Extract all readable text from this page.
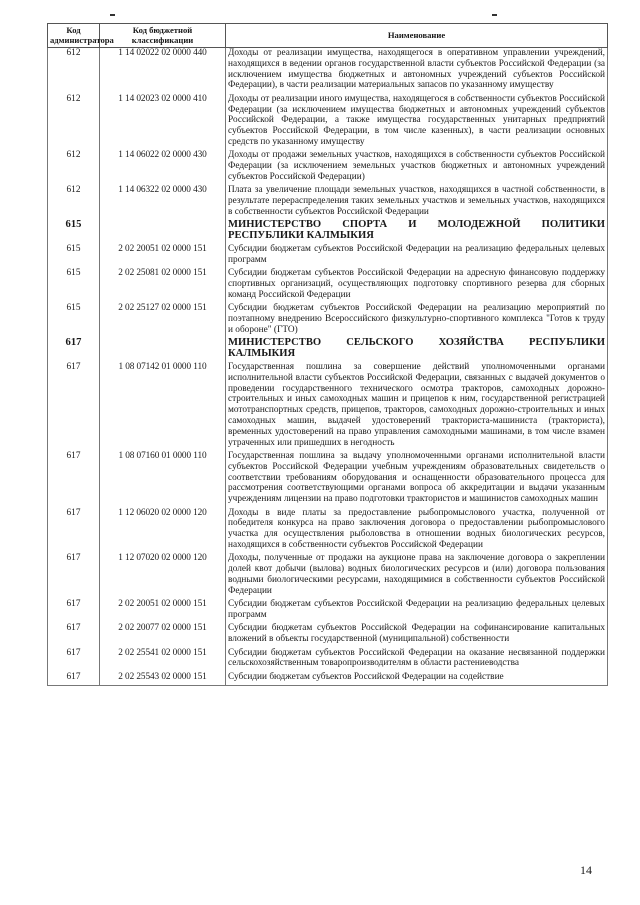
Код администратора	Код бюджетной классификации	Наименование
612	1 14 02022 02 0000 440	Доходы от реализации имущества, находящегося в оперативном управлении учреждений, находящихся в ведении органов государственной власти субъектов Российской Федерации (за исключением имущества бюджетных и автономных учреждений субъектов Российской Федерации), в части реализации материальных запасов по указанному имуществу
612	1 14 02023 02 0000 410	Доходы от реализации иного имущества, находящегося в собственности субъектов Российской Федерации (за исключением имущества бюджетных и автономных учреждений субъектов Российской Федерации, а также имущества государственных унитарных предприятий субъектов Российской Федерации, в том числе казенных), в части реализации основных средств по указанному имуществу
612	1 14 06022 02 0000 430	Доходы от продажи земельных участков, находящихся в собственности субъектов Российской Федерации (за исключением земельных участков бюджетных и автономных учреждений субъектов Российской Федерации)
612	1 14 06322 02 0000 430	Плата за увеличение площади земельных участков, находящихся в частной собственности, в результате перераспределения таких земельных участков и земельных участков, находящихся в собственности субъектов Российской Федерации
615		МИНИСТЕРСТВО СПОРТА И МОЛОДЕЖНОЙ ПОЛИТИКИ РЕСПУБЛИКИ КАЛМЫКИЯ
615	2 02 20051 02 0000 151	Субсидии бюджетам субъектов Российской Федерации на реализацию федеральных целевых программ
615	2 02 25081 02 0000 151	Субсидии бюджетам субъектов Российской Федерации на адресную финансовую поддержку спортивных организаций, осуществляющих подготовку спортивного резерва для сборных команд Российской Федерации
615	2 02 25127 02 0000 151	Субсидии бюджетам субъектов Российской Федерации на реализацию мероприятий по поэтапному внедрению Всероссийского физкультурно-спортивного комплекса "Готов к труду и обороне" (ГТО)
617		МИНИСТЕРСТВО СЕЛЬСКОГО ХОЗЯЙСТВА РЕСПУБЛИКИ КАЛМЫКИЯ
617	1 08 07142 01 0000 110	Государственная пошлина за совершение действий уполномоченными органами исполнительной власти субъектов Российской Федерации, связанных с выдачей документов о проведении государственного технического осмотра тракторов, самоходных дорожно-строительных и иных самоходных машин и прицепов к ним, государственной регистрацией мототранспортных средств, прицепов, тракторов, самоходных дорожно-строительных и иных самоходных машин, выдачей удостоверений тракториста-машиниста (тракториста), временных удостоверений на право управления самоходными машинами, в том числе взамен утраченных или пришедших в негодность
617	1 08 07160 01 0000 110	Государственная пошлина за выдачу уполномоченными органами исполнительной власти субъектов Российской Федерации учебным учреждениям образовательных свидетельств о соответствии требованиям оборудования и оснащенности образовательного процесса для рассмотрения соответствующими органами вопроса об аккредитации и выдачи указанным учреждениям лицензии на право подготовки трактористов и машинистов самоходных машин
617	1 12 06020 02 0000 120	Доходы в виде платы за предоставление рыбопромыслового участка, полученной от победителя конкурса на право заключения договора о предоставлении рыбопромыслового участка для осуществления рыболовства в отношении водных биологических ресурсов, находящихся в собственности субъектов Российской Федерации
617	1 12 07020 02 0000 120	Доходы, полученные от продажи на аукционе права на заключение договора о закреплении долей квот добычи (вылова) водных биологических ресурсов и (или) договора пользования водными биологическими ресурсами, находящимися в собственности субъектов Российской Федерации
617	2 02 20051 02 0000 151	Субсидии бюджетам субъектов Российской Федерации на реализацию федеральных целевых программ
617	2 02 20077 02 0000 151	Субсидии бюджетам субъектов Российской Федерации на софинансирование капитальных вложений в объекты государственной (муниципальной) собственности
617	2 02 25541 02 0000 151	Субсидии бюджетам субъектов Российской Федерации на оказание несвязанной поддержки сельскохозяйственным товаропроизводителям в области растениеводства
617	2 02 25543 02 0000 151	Субсидии бюджетам субъектов Российской Федерации на содействие
14
